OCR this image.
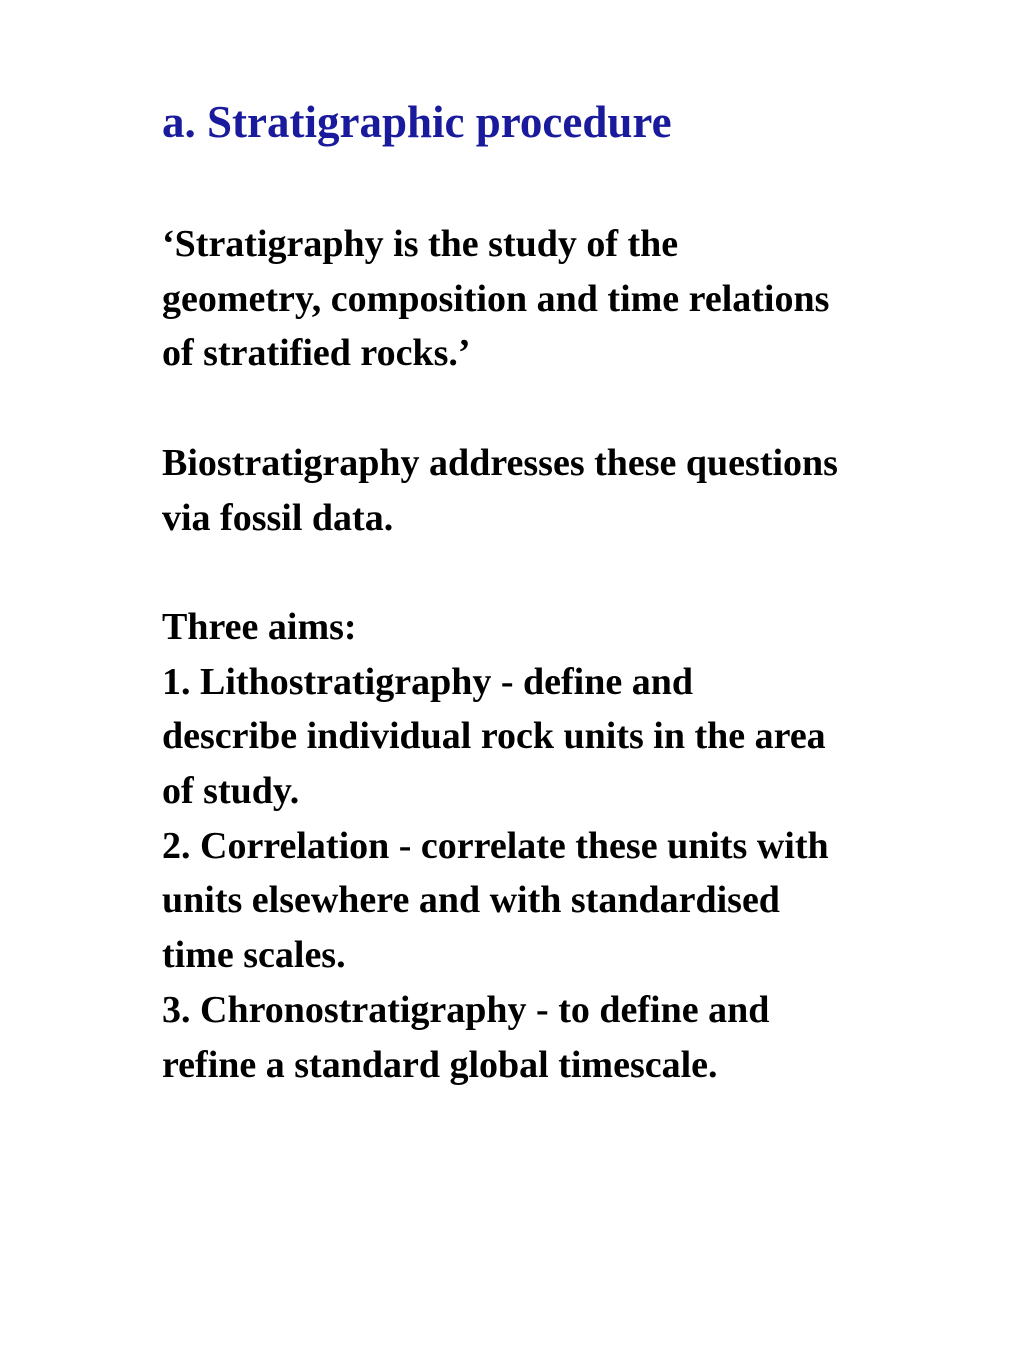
a. Stratigraphic procedure

‘Stratigraphy is the study of the
geometry, composition and time relations
of stratified rocks.’

Biostratigraphy addresses these questions
via fossil data.

Three aims:
1. Lithostratigraphy - define and
describe individual rock units in the area
of study.
2. Correlation - correlate these units with
units elsewhere and with standardised
time scales.
3. Chronostratigraphy - to define and
refine a standard global timescale.
